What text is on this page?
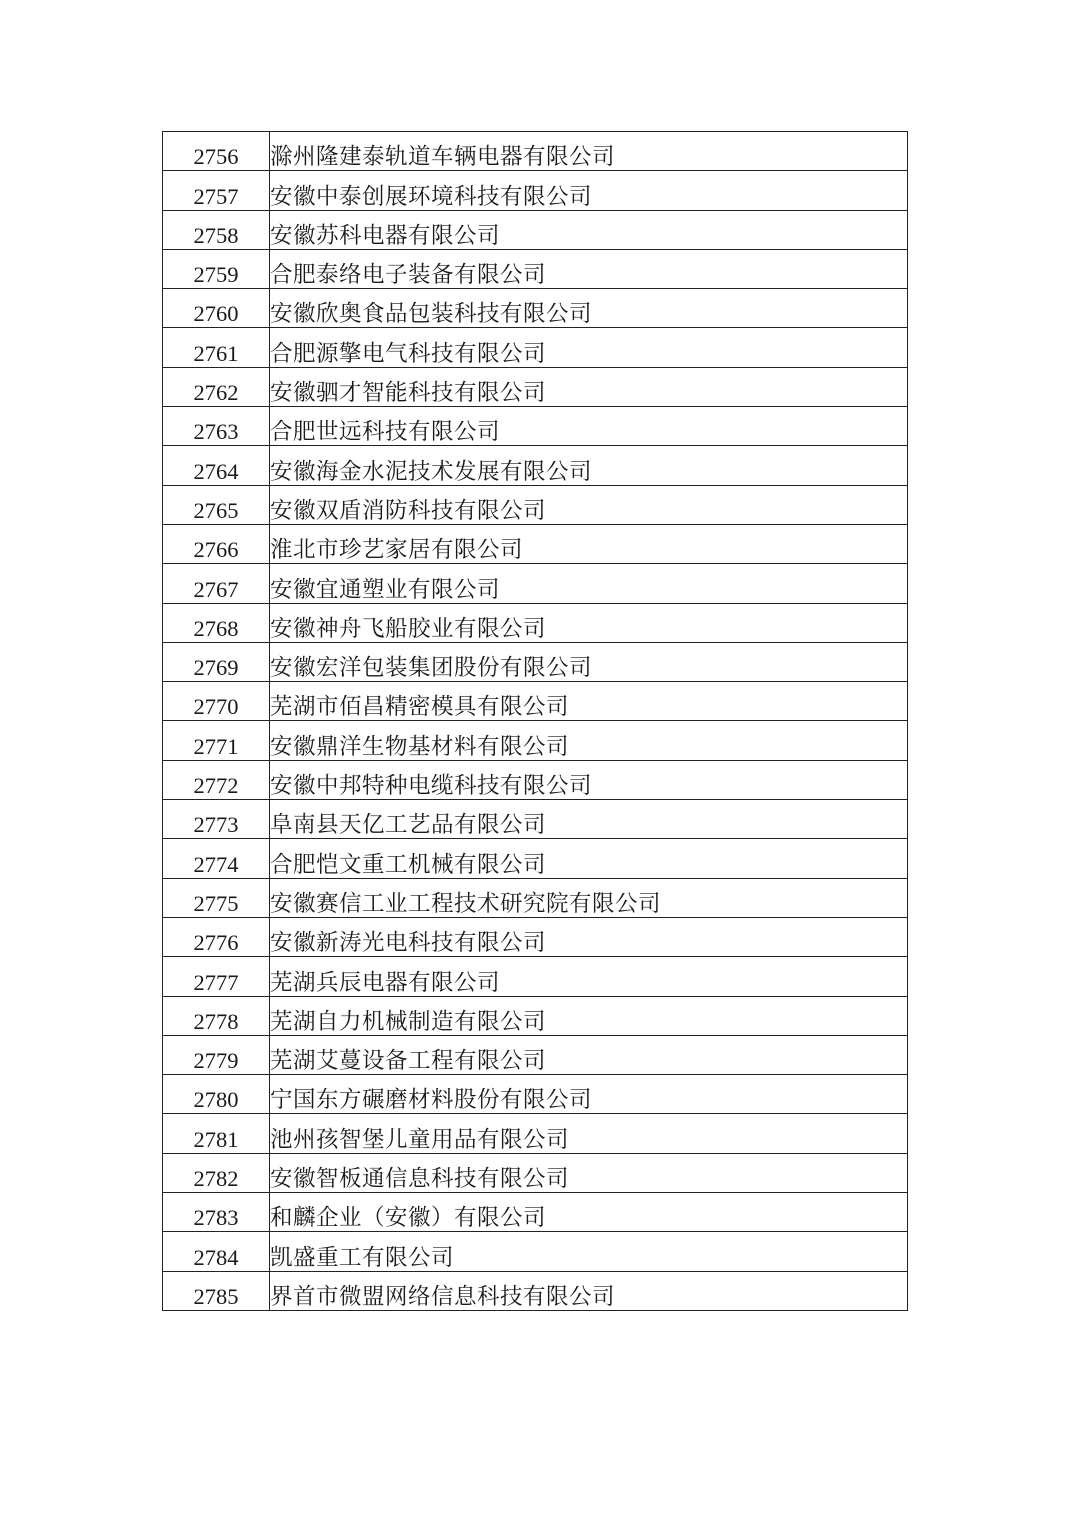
2756	滁州隆建泰轨道车辆电器有限公司
2757	安徽中泰创展环境科技有限公司
2758	安徽苏科电器有限公司
2759	合肥泰络电子装备有限公司
2760	安徽欣奥食品包装科技有限公司
2761	合肥源擎电气科技有限公司
2762	安徽驷才智能科技有限公司
2763	合肥世远科技有限公司
2764	安徽海金水泥技术发展有限公司
2765	安徽双盾消防科技有限公司
2766	淮北市珍艺家居有限公司
2767	安徽宜通塑业有限公司
2768	安徽神舟飞船胶业有限公司
2769	安徽宏洋包装集团股份有限公司
2770	芜湖市佰昌精密模具有限公司
2771	安徽鼎洋生物基材料有限公司
2772	安徽中邦特种电缆科技有限公司
2773	阜南县天亿工艺品有限公司
2774	合肥恺文重工机械有限公司
2775	安徽赛信工业工程技术研究院有限公司
2776	安徽新涛光电科技有限公司
2777	芜湖兵辰电器有限公司
2778	芜湖自力机械制造有限公司
2779	芜湖艾蔓设备工程有限公司
2780	宁国东方碾磨材料股份有限公司
2781	池州孩智堡儿童用品有限公司
2782	安徽智板通信息科技有限公司
2783	和麟企业（安徽）有限公司
2784	凯盛重工有限公司
2785	界首市微盟网络信息科技有限公司
